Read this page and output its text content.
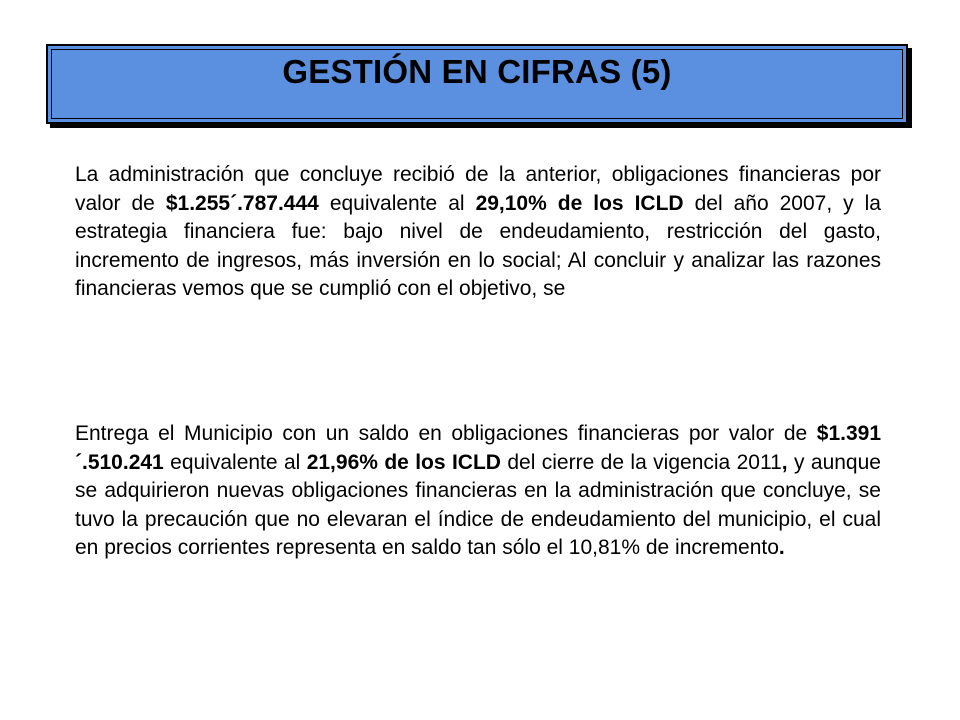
GESTIÓN EN CIFRAS (5)

La administración que concluye recibió de la anterior, obligaciones financieras por valor de $1.255´.787.444 equivalente al 29,10% de los ICLD del año 2007, y la estrategia financiera fue: bajo nivel de endeudamiento, restricción del gasto, incremento de ingresos, más inversión en lo social; Al concluir y analizar las razones financieras vemos que se cumplió con el objetivo, se

Entrega el Municipio con un saldo en obligaciones financieras por valor de $1.391´.510.241 equivalente al 21,96% de los ICLD del cierre de la vigencia 2011, y aunque se adquirieron nuevas obligaciones financieras en la administración que concluye, se tuvo la precaución que no elevaran el índice de endeudamiento del municipio, el cual en precios corrientes representa en saldo tan sólo el 10,81% de incremento.
